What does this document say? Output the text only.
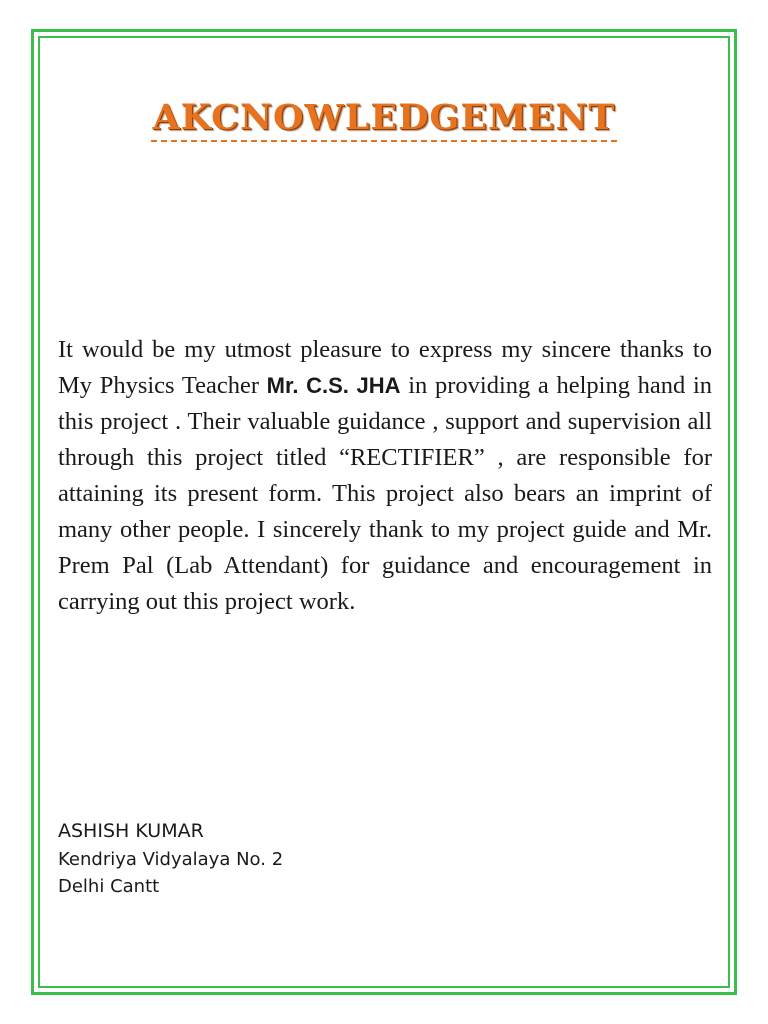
AKCNOWLEDGEMENT

It would be my utmost pleasure to express my sincere thanks to My Physics Teacher Mr. C.S. JHA in providing a helping hand in this project . Their valuable guidance , support and supervision all through this project titled “RECTIFIER” , are responsible for attaining its present form. This project also bears an imprint of many other people. I sincerely thank to my project guide and Mr. Prem Pal (Lab Attendant) for guidance and encouragement in carrying out this project work.

ASHISH KUMAR
Kendriya Vidyalaya No. 2
Delhi Cantt
